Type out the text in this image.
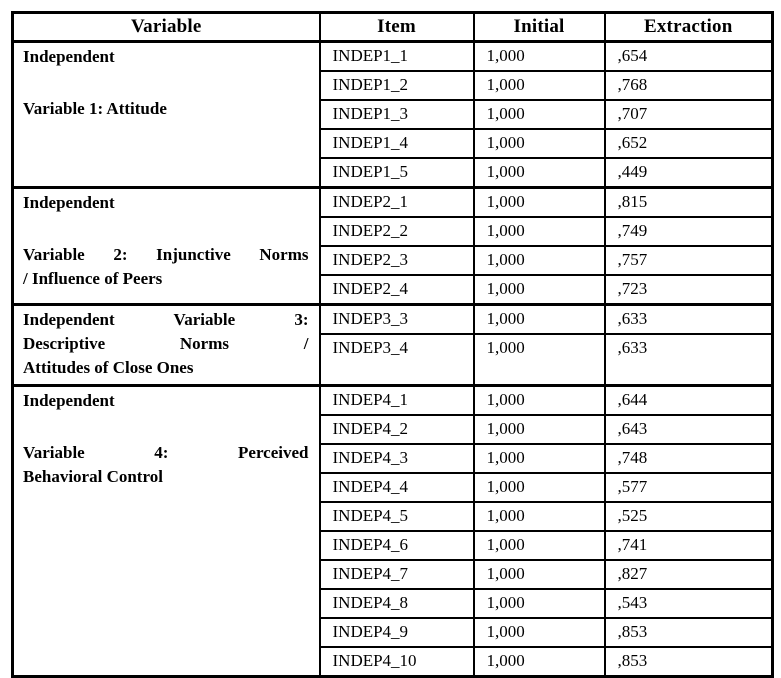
Variable	Item	Initial	Extraction

Independent
Variable 1: Attitude	INDEP1_1	1,000	,654
	INDEP1_2	1,000	,768
	INDEP1_3	1,000	,707
	INDEP1_4	1,000	,652
	INDEP1_5	1,000	,449

Independent
Variable 2: Injunctive Norms
/ Influence of Peers	INDEP2_1	1,000	,815
	INDEP2_2	1,000	,749
	INDEP2_3	1,000	,757
	INDEP2_4	1,000	,723

Independent Variable 3:
Descriptive Norms /
Attitudes of Close Ones	INDEP3_3	1,000	,633
	INDEP3_4	1,000	,633

Independent
Variable 4: Perceived
Behavioral Control	INDEP4_1	1,000	,644
	INDEP4_2	1,000	,643
	INDEP4_3	1,000	,748
	INDEP4_4	1,000	,577
	INDEP4_5	1,000	,525
	INDEP4_6	1,000	,741
	INDEP4_7	1,000	,827
	INDEP4_8	1,000	,543
	INDEP4_9	1,000	,853
	INDEP4_10	1,000	,853
